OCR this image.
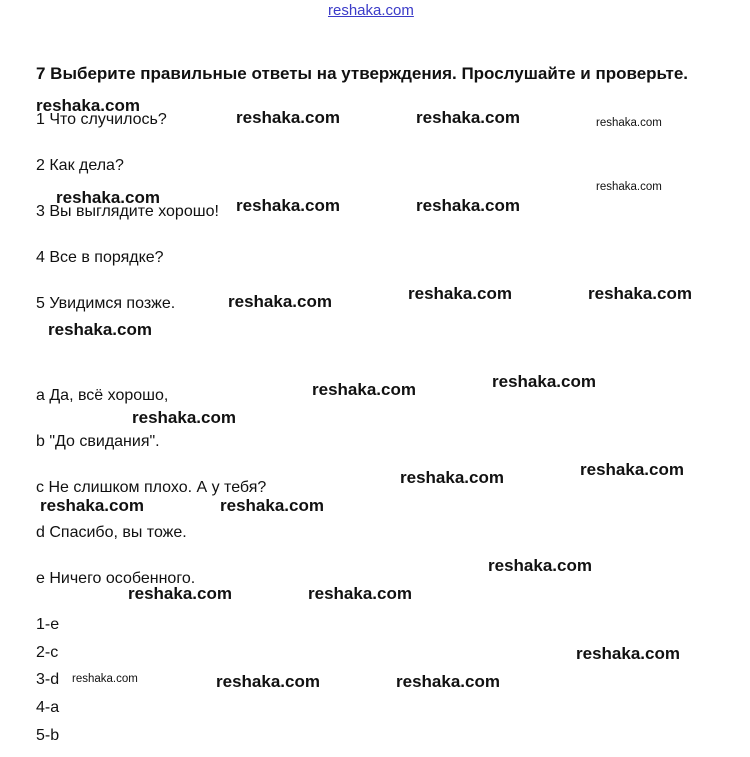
reshaka.com
7 Выберите правильные ответы на утверждения. Прослушайте и проверьте.
1 Что случилось?
2 Как дела?
3 Вы выглядите хорошо!
4 Все в порядке?
5 Увидимся позже.
a Да, всё хорошо,
b "До свидания".
c Не слишком плохо. А у тебя?
d Спасибо, вы тоже.
e Ничего особенного.
1-e
2-c
3-d
4-a
5-b
reshaka.com
reshaka.com	reshaka.com	reshaka.com
reshaka.com	reshaka.com	reshaka.com
reshaka.com
reshaka.com	reshaka.com	reshaka.com
reshaka.com
reshaka.com	reshaka.com
reshaka.com
reshaka.com	reshaka.com
reshaka.com	reshaka.com
reshaka.com
reshaka.com	reshaka.com
reshaka.com
reshaka.com	reshaka.com	reshaka.com
